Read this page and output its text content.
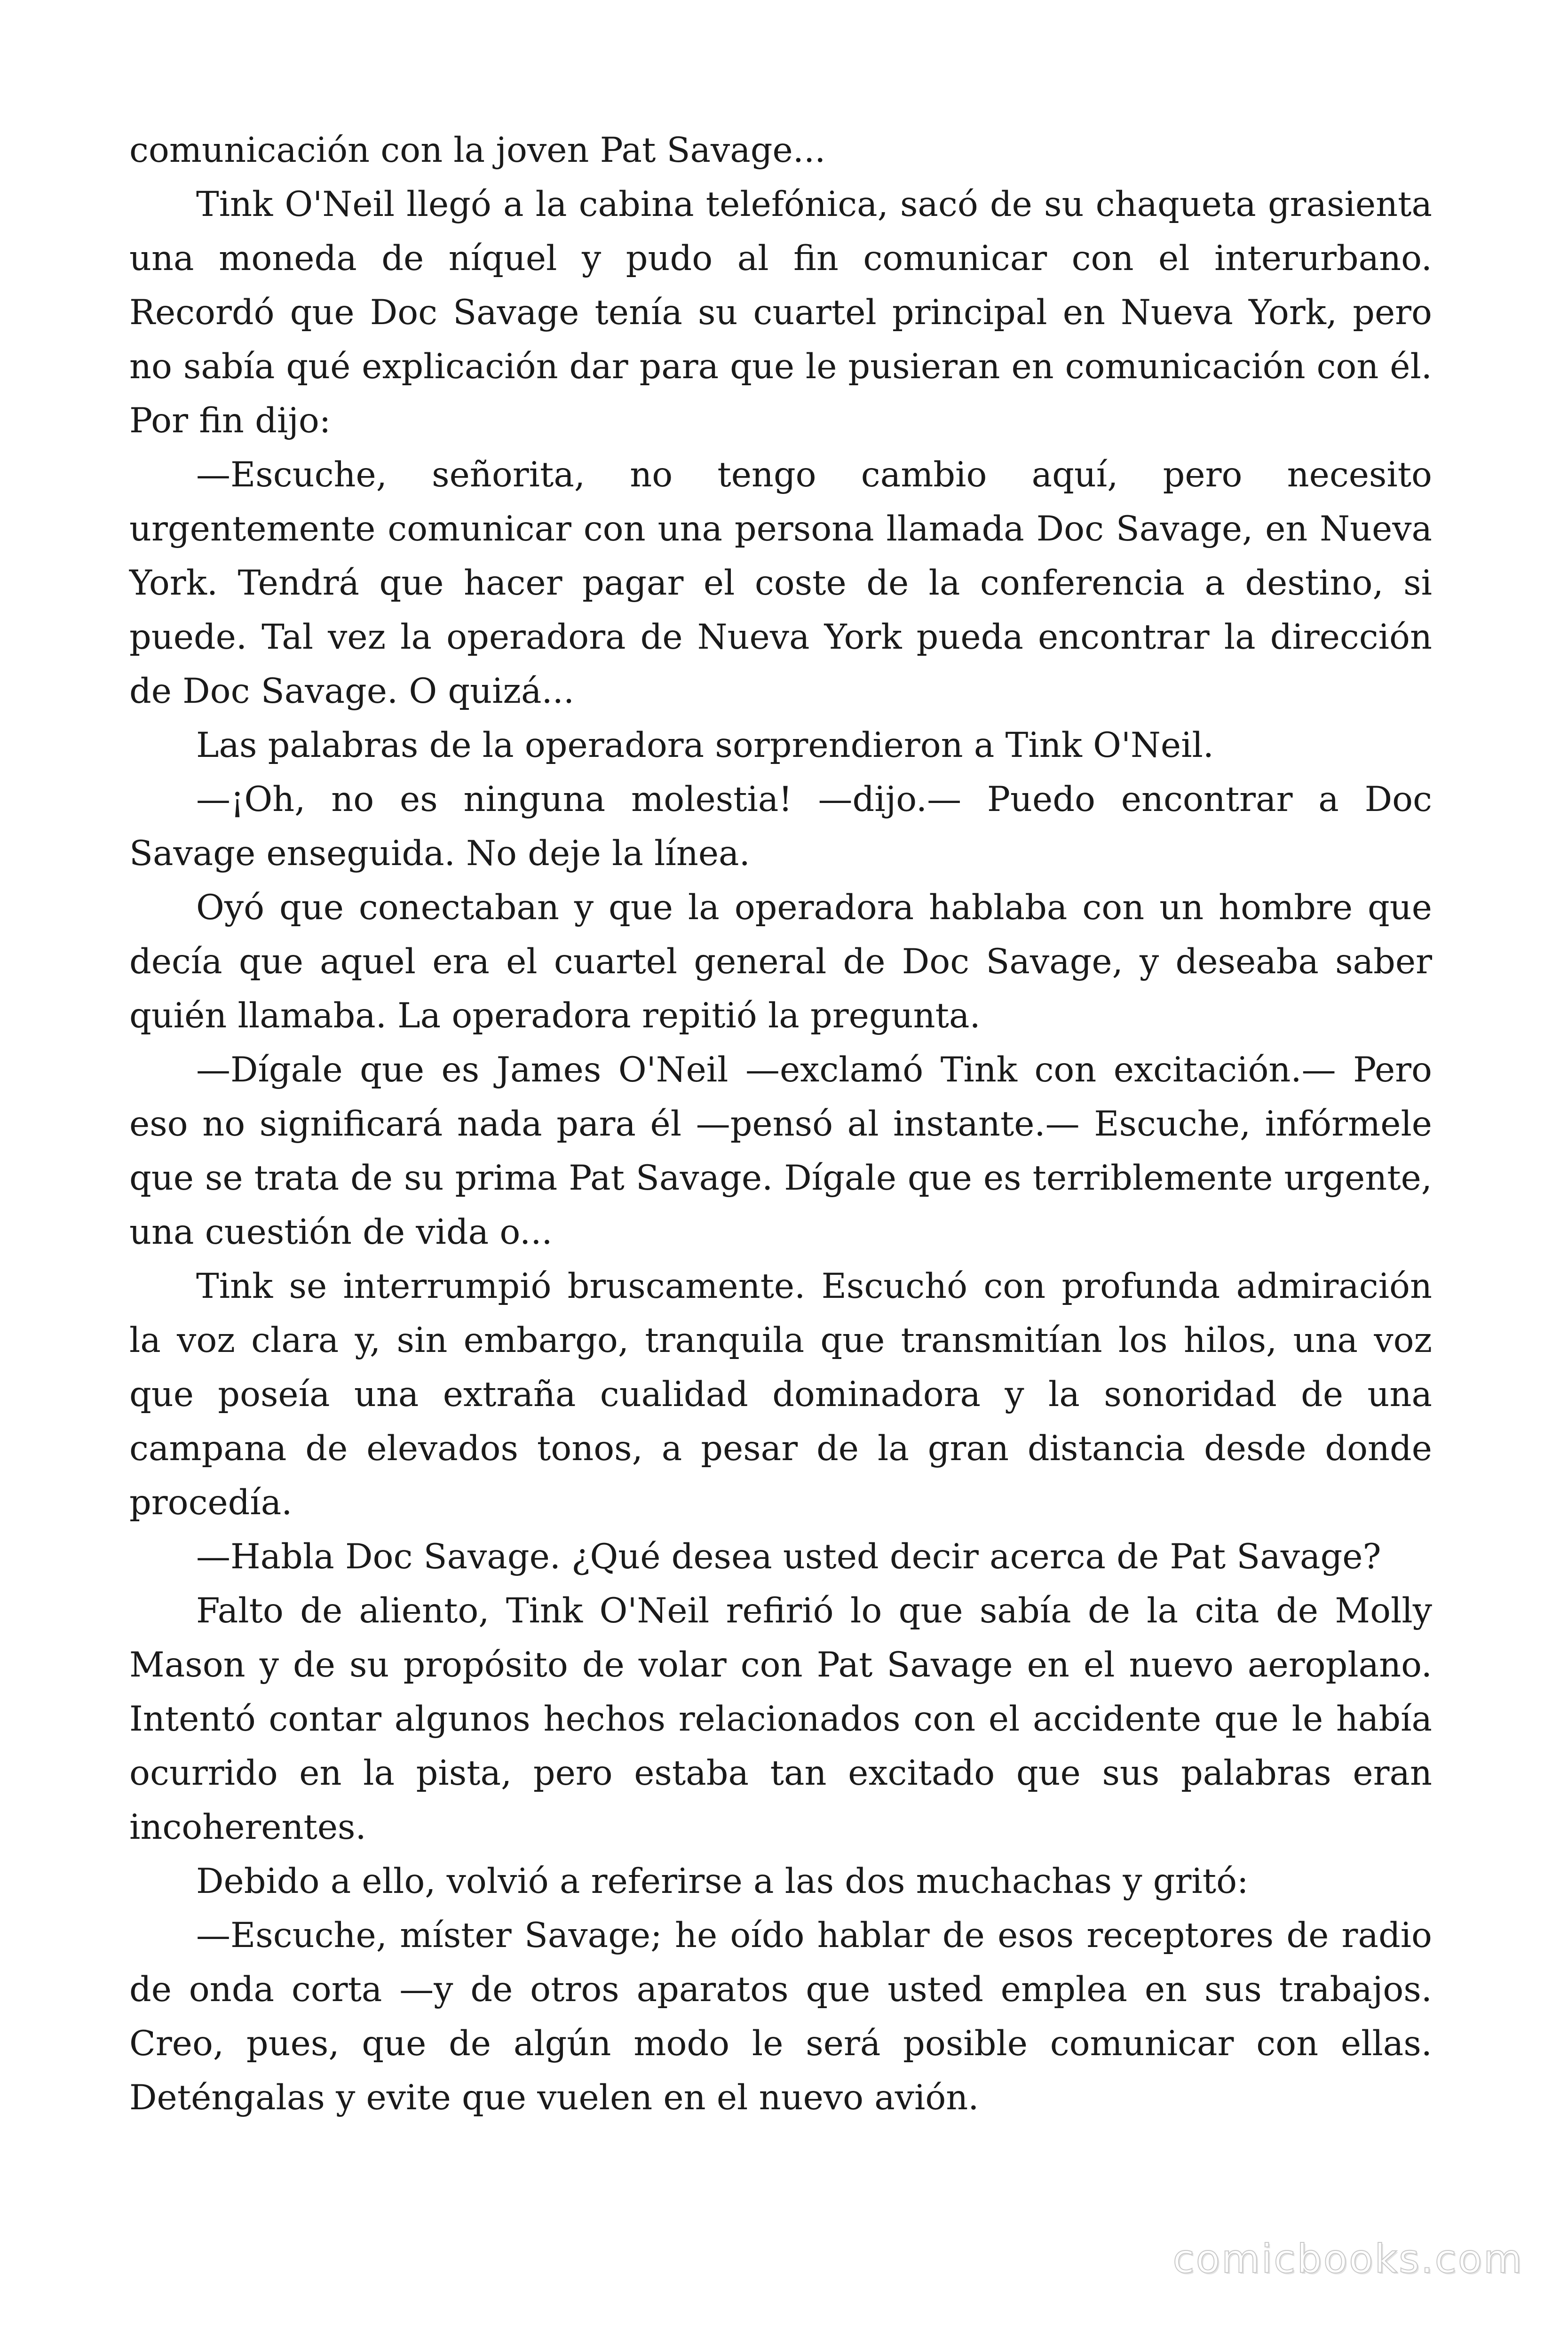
comunicación con la joven Pat Savage...

Tink O'Neil llegó a la cabina telefónica, sacó de su chaqueta grasienta una moneda de níquel y pudo al fin comunicar con el interurbano. Recordó que Doc Savage tenía su cuartel principal en Nueva York, pero no sabía qué explicación dar para que le pusieran en comunicación con él. Por fin dijo:

—Escuche, señorita, no tengo cambio aquí, pero necesito urgentemente comunicar con una persona llamada Doc Savage, en Nueva York. Tendrá que hacer pagar el coste de la conferencia a destino, si puede. Tal vez la operadora de Nueva York pueda encontrar la dirección de Doc Savage. O quizá...

Las palabras de la operadora sorprendieron a Tink O'Neil.

—¡Oh, no es ninguna molestia! —dijo.— Puedo encontrar a Doc Savage enseguida. No deje la línea.

Oyó que conectaban y que la operadora hablaba con un hombre que decía que aquel era el cuartel general de Doc Savage, y deseaba saber quién llamaba. La operadora repitió la pregunta.

—Dígale que es James O'Neil —exclamó Tink con excitación.— Pero eso no significará nada para él —pensó al instante.— Escuche, infórmele que se trata de su prima Pat Savage. Dígale que es terriblemente urgente, una cuestión de vida o...

Tink se interrumpió bruscamente. Escuchó con profunda admiración la voz clara y, sin embargo, tranquila que transmitían los hilos, una voz que poseía una extraña cualidad dominadora y la sonoridad de una campana de elevados tonos, a pesar de la gran distancia desde donde procedía.

—Habla Doc Savage. ¿Qué desea usted decir acerca de Pat Savage?

Falto de aliento, Tink O'Neil refirió lo que sabía de la cita de Molly Mason y de su propósito de volar con Pat Savage en el nuevo aeroplano. Intentó contar algunos hechos relacionados con el accidente que le había ocurrido en la pista, pero estaba tan excitado que sus palabras eran incoherentes.

Debido a ello, volvió a referirse a las dos muchachas y gritó:

—Escuche, míster Savage; he oído hablar de esos receptores de radio de onda corta —y de otros aparatos que usted emplea en sus trabajos. Creo, pues, que de algún modo le será posible comunicar con ellas. Deténgalas y evite que vuelen en el nuevo avión.

comicbooks.com
